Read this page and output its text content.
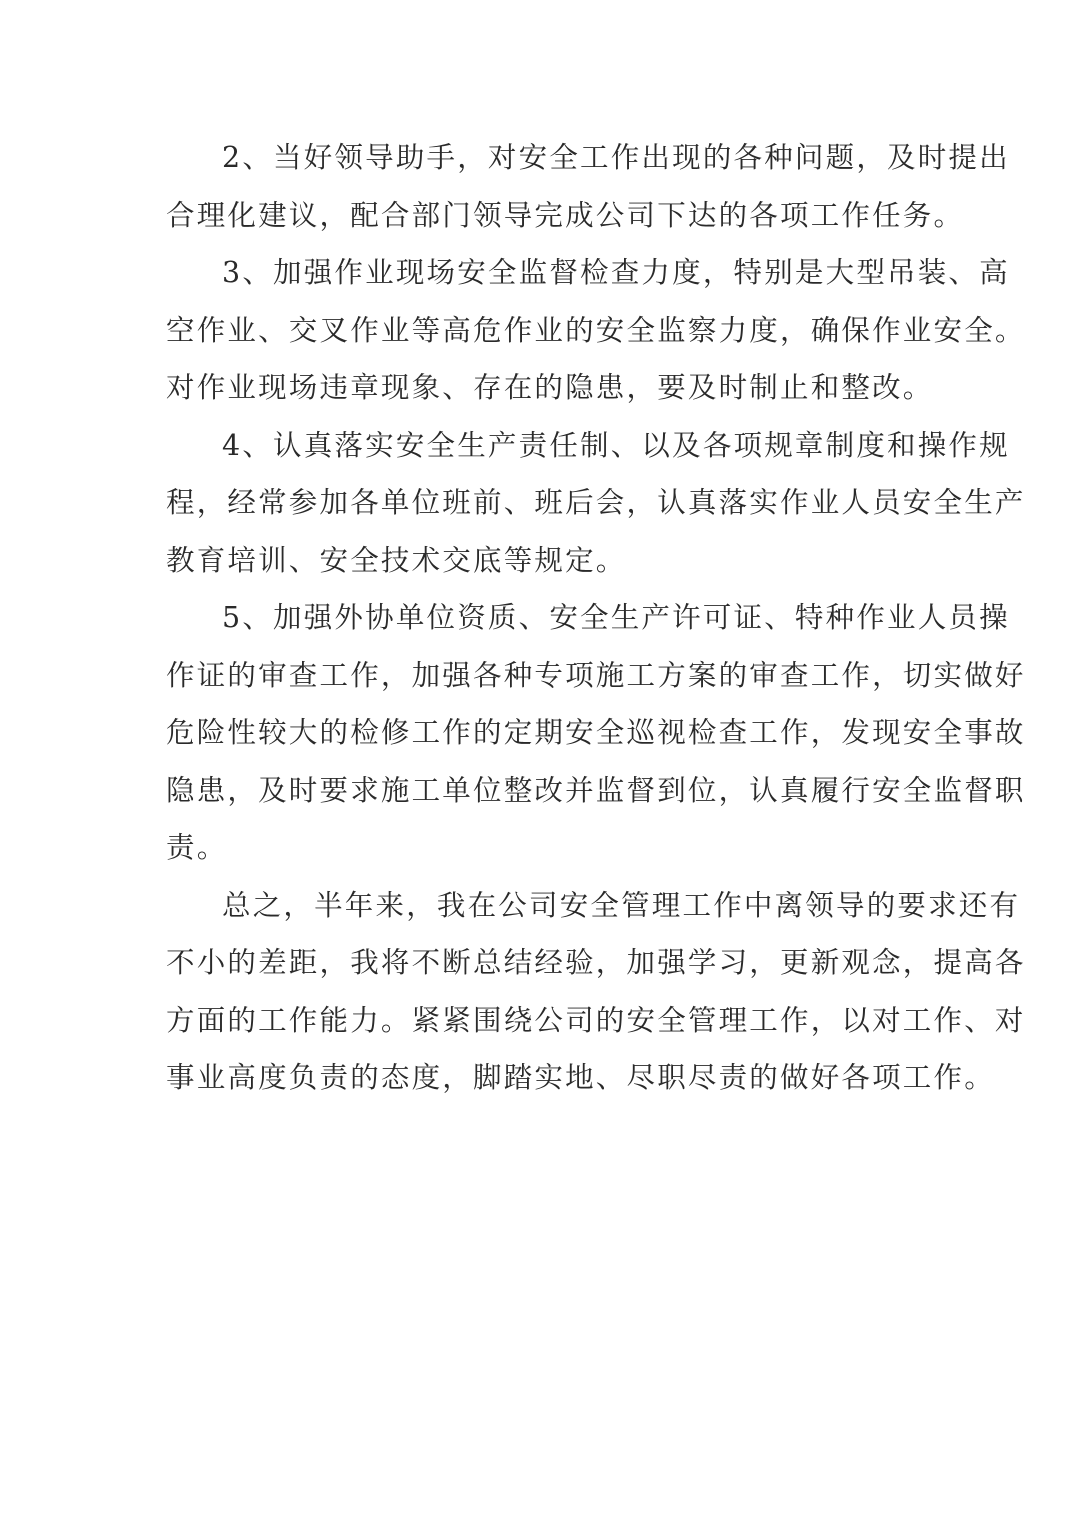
2、当好领导助手，对安全工作出现的各种问题，及时提出
合理化建议，配合部门领导完成公司下达的各项工作任务。
3、加强作业现场安全监督检查力度，特别是大型吊装、高
空作业、交叉作业等高危作业的安全监察力度，确保作业安全。
对作业现场违章现象、存在的隐患，要及时制止和整改。
4、认真落实安全生产责任制、以及各项规章制度和操作规
程，经常参加各单位班前、班后会，认真落实作业人员安全生产
教育培训、安全技术交底等规定。
5、加强外协单位资质、安全生产许可证、特种作业人员操
作证的审查工作，加强各种专项施工方案的审查工作，切实做好
危险性较大的检修工作的定期安全巡视检查工作，发现安全事故
隐患，及时要求施工单位整改并监督到位，认真履行安全监督职
责。
总之，半年来，我在公司安全管理工作中离领导的要求还有
不小的差距，我将不断总结经验，加强学习，更新观念，提高各
方面的工作能力。紧紧围绕公司的安全管理工作，以对工作、对
事业高度负责的态度，脚踏实地、尽职尽责的做好各项工作。
